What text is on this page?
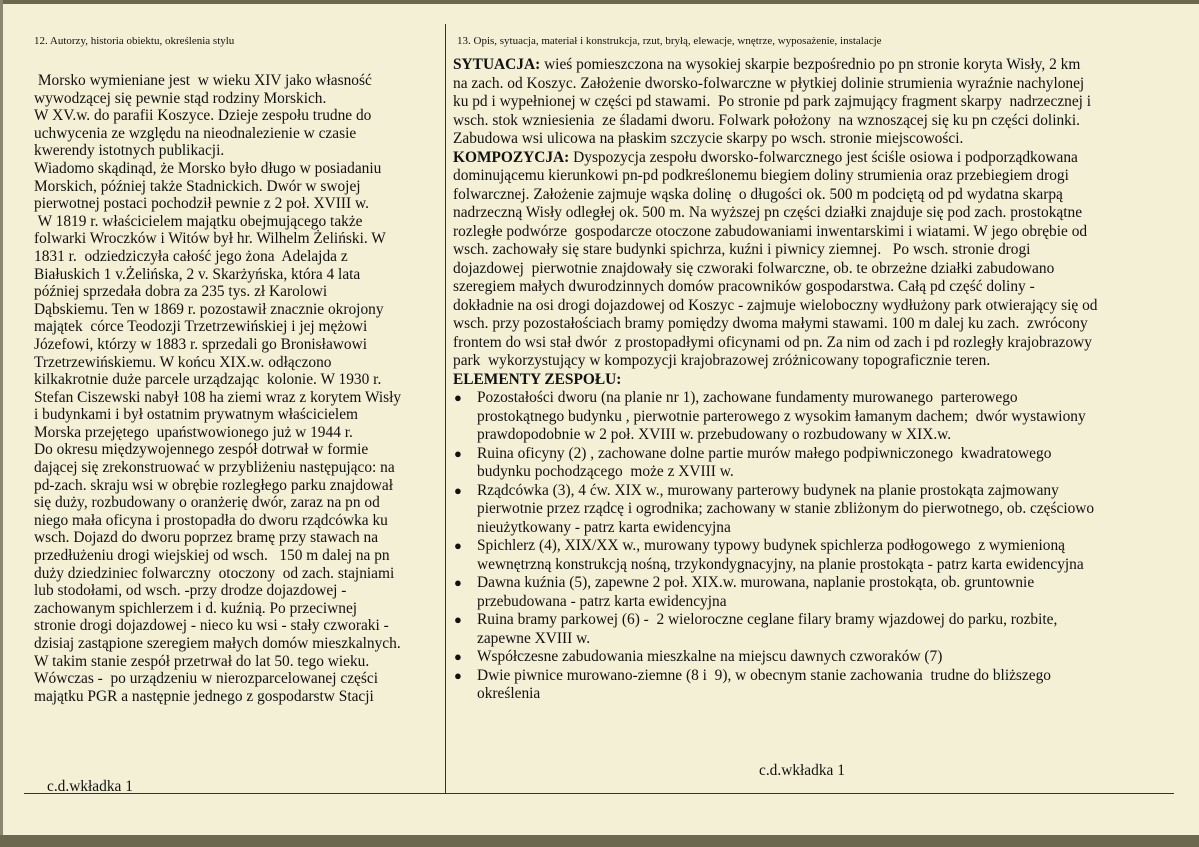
12. Autorzy, historia obiektu, określenia stylu	13. Opis, sytuacja, materiał i konstrukcja, rzut, bryłą, elewacje, wnętrze, wyposażenie, instalacje

Morsko wymieniane jest  w wieku XIV jako własność

wywodzącej się pewnie stąd rodziny Morskich.

W XV.w. do parafii Koszyce. Dzieje zespołu trudne do

uchwycenia ze względu na nieodnalezienie w czasie

kwerendy istotnych publikacji.

Wiadomo skądinąd, że Morsko było długo w posiadaniu

Morskich, później także Stadnickich. Dwór w swojej

pierwotnej postaci pochodził pewnie z 2 poł. XVIII w.

W 1819 r. właścicielem majątku obejmującego także

folwarki Wroczków i Witów był hr. Wilhelm Żeliński. W

1831 r.  odziedziczyła całość jego żona  Adelajda z

Białuskich 1 v.Żelińska, 2 v. Skarżyńska, która 4 lata

później sprzedała dobra za 235 tys. zł Karolowi

Dąbskiemu. Ten w 1869 r. pozostawił znacznie okrojony

majątek  córce Teodozji Trzetrzewińskiej i jej mężowi

Józefowi, którzy w 1883 r. sprzedali go Bronisławowi

Trzetrzewińskiemu. W końcu XIX.w. odłączono

kilkakrotnie duże parcele urządzając  kolonie. W 1930 r.

Stefan Ciszewski nabył 108 ha ziemi wraz z korytem Wisły

i budynkami i był ostatnim prywatnym właścicielem

Morska przejętego  upaństwowionego już w 1944 r.

Do okresu międzywojennego zespół dotrwał w formie

dającej się zrekonstruować w przybliżeniu następująco: na

pd-zach. skraju wsi w obrębie rozległego parku znajdował

się duży, rozbudowany o oranżerię dwór, zaraz na pn od

niego mała oficyna i prostopadła do dworu rządcówka ku

wsch. Dojazd do dworu poprzez bramę przy stawach na

przedłużeniu drogi wiejskiej od wsch.   150 m dalej na pn

duży dziedziniec folwarczny  otoczony  od zach. stajniami

lub stodołami, od wsch. -przy drodze dojazdowej -

zachowanym spichlerzem i d. kuźnią. Po przeciwnej

stronie drogi dojazdowej - nieco ku wsi - stały czworaki -

dzisiaj zastąpione szeregiem małych domów mieszkalnych.

W takim stanie zespół przetrwał do lat 50. tego wieku.

Wówczas -  po urządzeniu w nierozparcelowanej części

majątku PGR a następnie jednego z gospodarstw Stacji

c.d.wkładka 1

SYTUACJA: wieś pomieszczona na wysokiej skarpie bezpośrednio po pn stronie koryta Wisły, 2 km

na zach. od Koszyc. Założenie dworsko-folwarczne w płytkiej dolinie strumienia wyraźnie nachylonej

ku pd i wypełnionej w części pd stawami.  Po stronie pd park zajmujący fragment skarpy  nadrzecznej i

wsch. stok wzniesienia  ze śladami dworu. Folwark położony  na wznoszącej się ku pn części dolinki.

Zabudowa wsi ulicowa na płaskim szczycie skarpy po wsch. stronie miejscowości.

KOMPOZYCJA: Dyspozycja zespołu dworsko-folwarcznego jest ściśle osiowa i podporządkowana

dominującemu kierunkowi pn-pd podkreślonemu biegiem doliny strumienia oraz przebiegiem drogi

folwarcznej. Założenie zajmuje wąska dolinę  o długości ok. 500 m podciętą od pd wydatna skarpą

nadrzeczną Wisły odległej ok. 500 m. Na wyższej pn części działki znajduje się pod zach. prostokątne

rozległe podwórze  gospodarcze otoczone zabudowaniami inwentarskimi i wiatami. W jego obrębie od

wsch. zachowały się stare budynki spichrza, kuźni i piwnicy ziemnej.   Po wsch. stronie drogi

dojazdowej  pierwotnie znajdowały się czworaki folwarczne, ob. te obrzeżne działki zabudowano

szeregiem małych dwurodzinnych domów pracowników gospodarstwa. Całą pd część doliny -

dokładnie na osi drogi dojazdowej od Koszyc - zajmuje wieloboczny wydłużony park otwierający się od

wsch. przy pozostałościach bramy pomiędzy dwoma małymi stawami. 100 m dalej ku zach.  zwrócony

frontem do wsi stał dwór  z prostopadłymi oficynami od pn. Za nim od zach i pd rozległy krajobrazowy

park  wykorzystujący w kompozycji krajobrazowej zróżnicowany topograficznie teren.

ELEMENTY ZESPOŁU:

● Pozostałości dworu (na planie nr 1), zachowane fundamenty murowanego  parterowego
prostokątnego budynku , pierwotnie parterowego z wysokim łamanym dachem;  dwór wystawiony
prawdopodobnie w 2 poł. XVIII w. przebudowany o rozbudowany w XIX.w.
● Ruina oficyny (2) , zachowane dolne partie murów małego podpiwniczonego  kwadratowego
budynku pochodzącego  może z XVIII w.
● Rządcówka (3), 4 ćw. XIX w., murowany parterowy budynek na planie prostokąta zajmowany
pierwotnie przez rządcę i ogrodnika; zachowany w stanie zbliżonym do pierwotnego, ob. częściowo
nieużytkowany - patrz karta ewidencyjna
● Spichlerz (4), XIX/XX w., murowany typowy budynek spichlerza podłogowego  z wymienioną
wewnętrzną konstrukcją nośną, trzykondygnacyjny, na planie prostokąta - patrz karta ewidencyjna
● Dawna kuźnia (5), zapewne 2 poł. XIX.w. murowana, naplanie prostokąta, ob. gruntownie
przebudowana - patrz karta ewidencyjna
● Ruina bramy parkowej (6) -  2 wieloroczne ceglane filary bramy wjazdowej do parku, rozbite,
zapewne XVIII w.
● Współczesne zabudowania mieszkalne na miejscu dawnych czworaków (7)
● Dwie piwnice murowano-ziemne (8 i  9), w obecnym stanie zachowania  trudne do bliższego
określenia
c.d.wkładka 1
